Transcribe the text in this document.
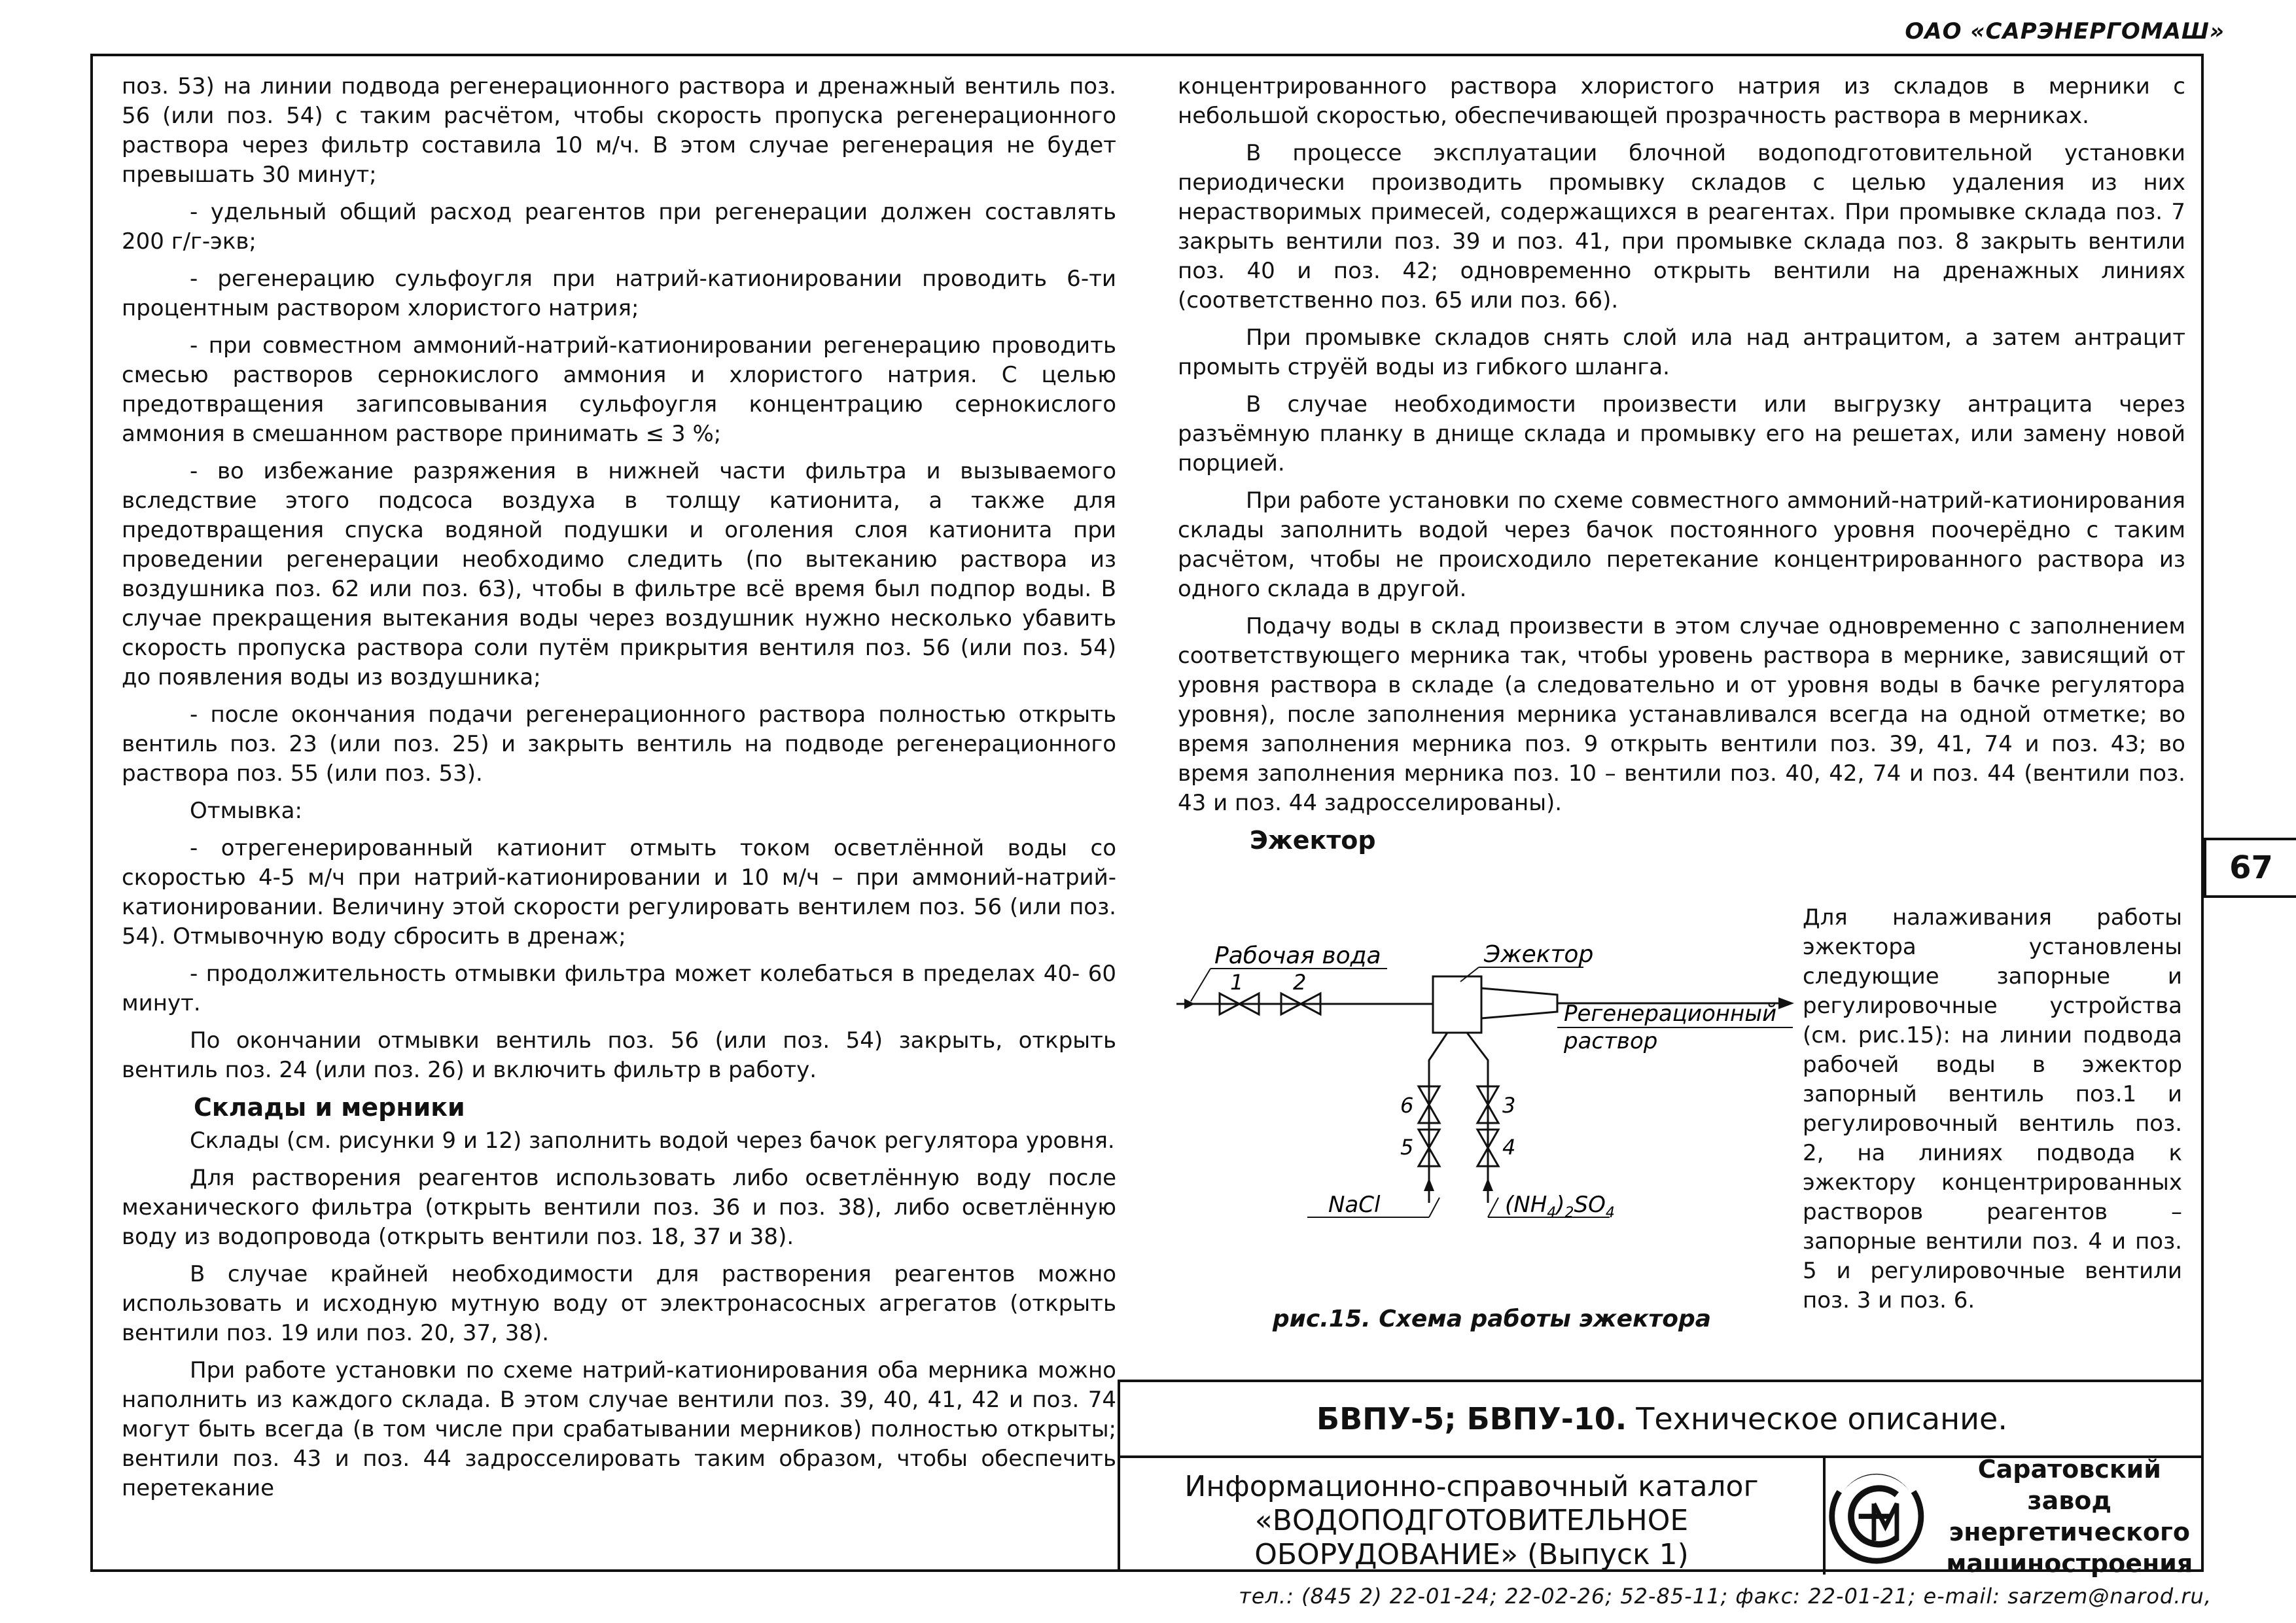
ОАО «САРЭНЕРГОМАШ»

поз. 53) на линии подвода регенерационного раствора и дренажный вентиль поз. 56 (или поз. 54) с таким расчётом, чтобы скорость пропуска регенерационного раствора через фильтр составила 10 м/ч. В этом случае регенерация не будет превышать 30 минут;

- удельный общий расход реагентов при регенерации должен составлять 200 г/г-экв;

- регенерацию сульфоугля при натрий-катионировании проводить 6-ти процентным раствором хлористого натрия;

- при совместном аммоний-натрий-катионировании регенерацию проводить смесью растворов сернокислого аммония и хлористого натрия. С целью предотвращения загипсовывания сульфоугля концентрацию сернокислого аммония в смешанном растворе принимать ≤ 3 %;

- во избежание разряжения в нижней части фильтра и вызываемого вследствие этого подсоса воздуха в толщу катионита, а также для предотвращения спуска водяной подушки и оголения слоя катионита при проведении регенерации необходимо следить (по вытеканию раствора из воздушника поз. 62 или поз. 63), чтобы в фильтре всё время был подпор воды. В случае прекращения вытекания воды через воздушник нужно несколько убавить скорость пропуска раствора соли путём прикрытия вентиля поз. 56 (или поз. 54) до появления воды из воздушника;

- после окончания подачи регенерационного раствора полностью открыть вентиль поз. 23 (или поз. 25) и закрыть вентиль на подводе регенерационного раствора поз. 55 (или поз. 53).

Отмывка:

- отрегенерированный катионит отмыть током осветлённой воды со скоростью 4-5 м/ч при натрий-катионировании и 10 м/ч – при аммоний-натрий-катионировании. Величину этой скорости регулировать вентилем поз. 56 (или поз. 54). Отмывочную воду сбросить в дренаж;

- продолжительность отмывки фильтра может колебаться в пределах 40- 60 минут.

По окончании отмывки вентиль поз. 56 (или поз. 54) закрыть, открыть вентиль поз. 24 (или поз. 26) и включить фильтр в работу.

Склады и мерники

Склады (см. рисунки 9 и 12) заполнить водой через бачок регулятора уровня.

Для растворения реагентов использовать либо осветлённую воду после механического фильтра (открыть вентили поз. 36 и поз. 38), либо осветлённую воду из водопровода (открыть вентили поз. 18, 37 и 38).

В случае крайней необходимости для растворения реагентов можно использовать и исходную мутную воду от электронасосных агрегатов (открыть вентили поз. 19 или поз. 20, 37, 38).

При работе установки по схеме натрий-катионирования оба мерника можно наполнить из каждого склада. В этом случае вентили поз. 39, 40, 41, 42 и поз. 74 могут быть всегда (в том числе при срабатывании мерников) полностью открыты; вентили поз. 43 и поз. 44 задросселировать таким образом, чтобы обеспечить перетекание

концентрированного раствора хлористого натрия из складов в мерники с небольшой скоростью, обеспечивающей прозрачность раствора в мерниках.

В процессе эксплуатации блочной водоподготовительной установки периодически производить промывку складов с целью удаления из них нерастворимых примесей, содержащихся в реагентах. При промывке склада поз. 7 закрыть вентили поз. 39 и поз. 41, при промывке склада поз. 8 закрыть вентили поз. 40 и поз. 42; одновременно открыть вентили на дренажных линиях (соответственно поз. 65 или поз. 66).

При промывке складов снять слой ила над антрацитом, а затем антрацит промыть струёй воды из гибкого шланга.

В случае необходимости произвести или выгрузку антрацита через разъёмную планку в днище склада и промывку его на решетах, или замену новой порцией.

При работе установки по схеме совместного аммоний-натрий-катионирования склады заполнить водой через бачок постоянного уровня поочерёдно с таким расчётом, чтобы не происходило перетекание концентрированного раствора из одного склада в другой.

Подачу воды в склад произвести в этом случае одновременно с заполнением соответствующего мерника так, чтобы уровень раствора в мернике, зависящий от уровня раствора в складе (а следовательно и от уровня воды в бачке регулятора уровня), после заполнения мерника устанавливался всегда на одной отметке; во время заполнения мерника поз. 9 открыть вентили поз. 39, 41, 74 и поз. 43; во время заполнения мерника поз. 10 – вентили поз. 40, 42, 74 и поз. 44 (вентили поз. 43 и поз. 44 задросселированы).

Эжектор
67
Рабочая вода
1 2
Эжектор
Регенерационный
раствор
6
5
3
4
NaCl	$(NH_4)_2SO_4$
рис.15. Схема работы эжектора
Для налаживания работы эжектора установлены следующие запорные и регулировочные устройства (см. рис.15): на линии подвода рабочей воды в эжектор запорный вентиль поз.1 и регулировочный вентиль поз. 2, на линиях подвода к эжектору концентрированных растворов реагентов – запорные вентили поз. 4 и поз. 5 и регулировочные вентили поз. 3 и поз. 6.
БВПУ-5; БВПУ-10. Техническое описание.
Информационно-справочный каталог
«ВОДОПОДГОТОВИТЕЛЬНОЕ
ОБОРУДОВАНИЕ» (Выпуск 1)
Саратовский завод
энергетического
машиностроения
тел.: (845 2) 22-01-24; 22-02-26; 52-85-11; факс: 22-01-21; e-mail: sarzem@narod.ru,
